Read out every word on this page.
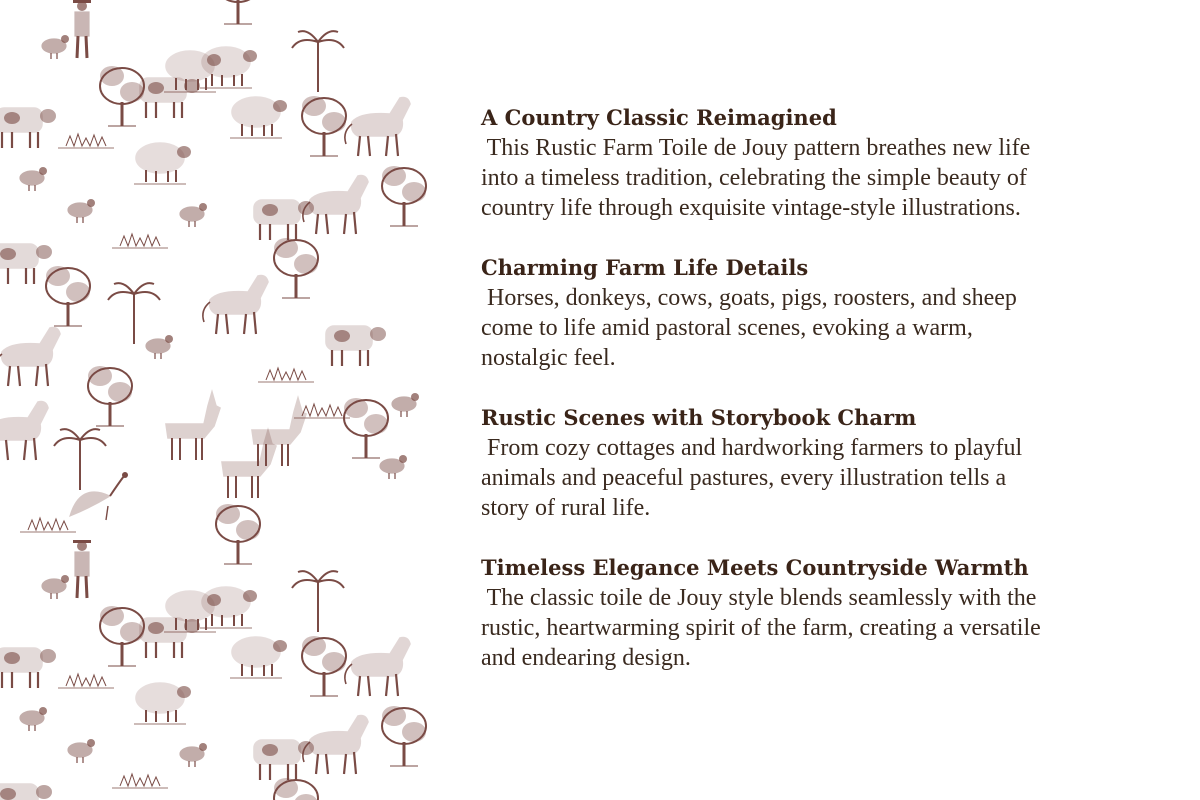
A Country Classic Reimagined

This Rustic Farm Toile de Jouy pattern breathes new life

into a timeless tradition, celebrating the simple beauty of

country life through exquisite vintage-style illustrations.

Charming Farm Life Details

Horses, donkeys, cows, goats, pigs, roosters, and sheep

come to life amid pastoral scenes, evoking a warm,

nostalgic feel.

Rustic Scenes with Storybook Charm

From cozy cottages and hardworking farmers to playful

animals and peaceful pastures, every illustration tells a

story of rural life.

Timeless Elegance Meets Countryside Warmth

The classic toile de Jouy style blends seamlessly with the

rustic, heartwarming spirit of the farm, creating a versatile

and endearing design.
